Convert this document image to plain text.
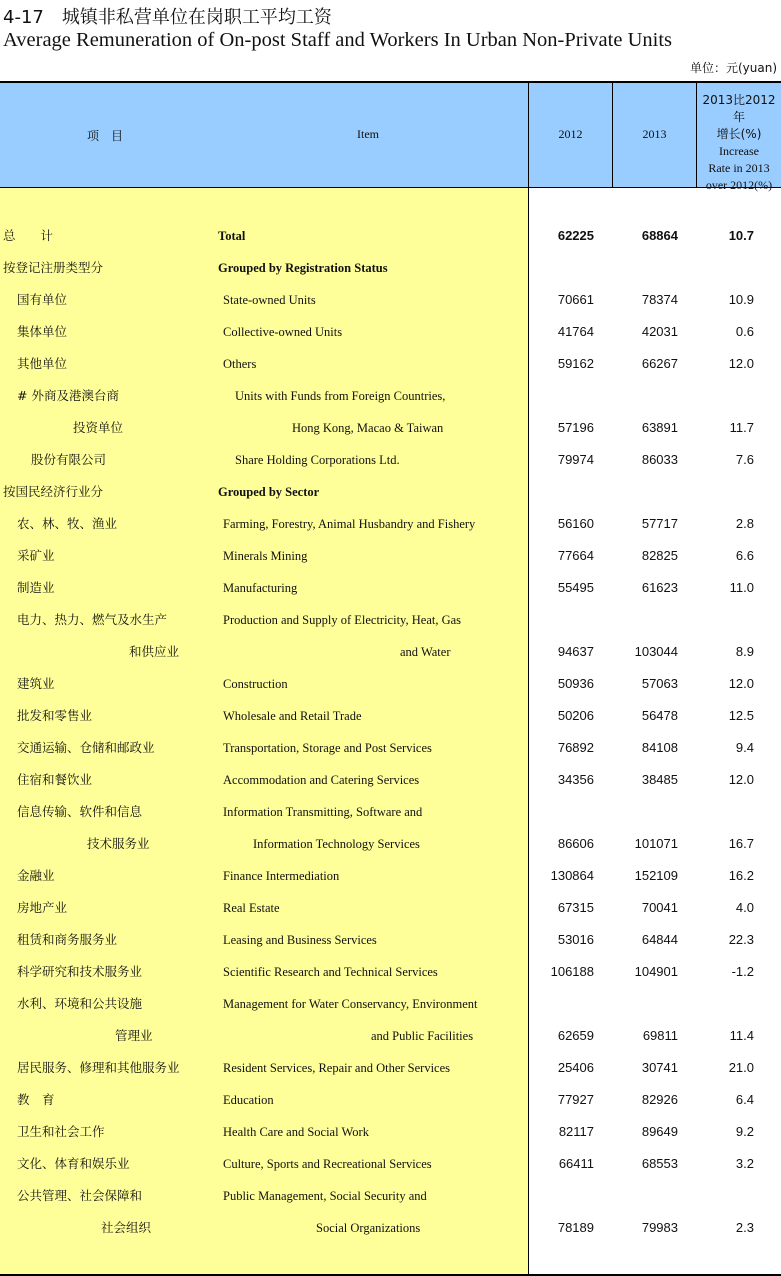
4-17　城镇非私营单位在岗职工平均工资
Average Remuneration of On-post Staff and Workers In Urban Non-Private Units
单位：元(yuan)
项　目	Item	2012	2013
2013比2012年
增长(%)
Increase
Rate in 2013
over 2012(%)
总　　计	Total	62225	68864	10.7
按登记注册类型分	Grouped by Registration Status
国有单位	State-owned Units	70661	78374	10.9
集体单位	Collective-owned Units	41764	42031	0.6
其他单位	Others	59162	66267	12.0
# 外商及港澳台商	Units with Funds from Foreign Countries,
投资单位	Hong Kong, Macao & Taiwan	57196	63891	11.7
股份有限公司	Share Holding Corporations Ltd.	79974	86033	7.6
按国民经济行业分	Grouped by Sector
农、林、牧、渔业	Farming, Forestry, Animal Husbandry and Fishery	56160	57717	2.8
采矿业	Minerals Mining	77664	82825	6.6
制造业	Manufacturing	55495	61623	11.0
电力、热力、燃气及水生产	Production and Supply of Electricity, Heat, Gas
和供应业	and Water	94637	103044	8.9
建筑业	Construction	50936	57063	12.0
批发和零售业	Wholesale and Retail Trade	50206	56478	12.5
交通运输、仓储和邮政业	Transportation, Storage and Post Services	76892	84108	9.4
住宿和餐饮业	Accommodation and Catering Services	34356	38485	12.0
信息传输、软件和信息	Information Transmitting, Software and
技术服务业	Information Technology Services	86606	101071	16.7
金融业	Finance Intermediation	130864	152109	16.2
房地产业	Real Estate	67315	70041	4.0
租赁和商务服务业	Leasing and Business Services	53016	64844	22.3
科学研究和技术服务业	Scientific Research and Technical Services	106188	104901	-1.2
水利、环境和公共设施	Management for Water Conservancy, Environment
管理业	and Public Facilities	62659	69811	11.4
居民服务、修理和其他服务业	Resident Services, Repair and Other Services	25406	30741	21.0
教　育	Education	77927	82926	6.4
卫生和社会工作	Health Care and Social Work	82117	89649	9.2
文化、体育和娱乐业	Culture, Sports and Recreational Services	66411	68553	3.2
公共管理、社会保障和	Public Management, Social Security and
社会组织	Social Organizations	78189	79983	2.3
